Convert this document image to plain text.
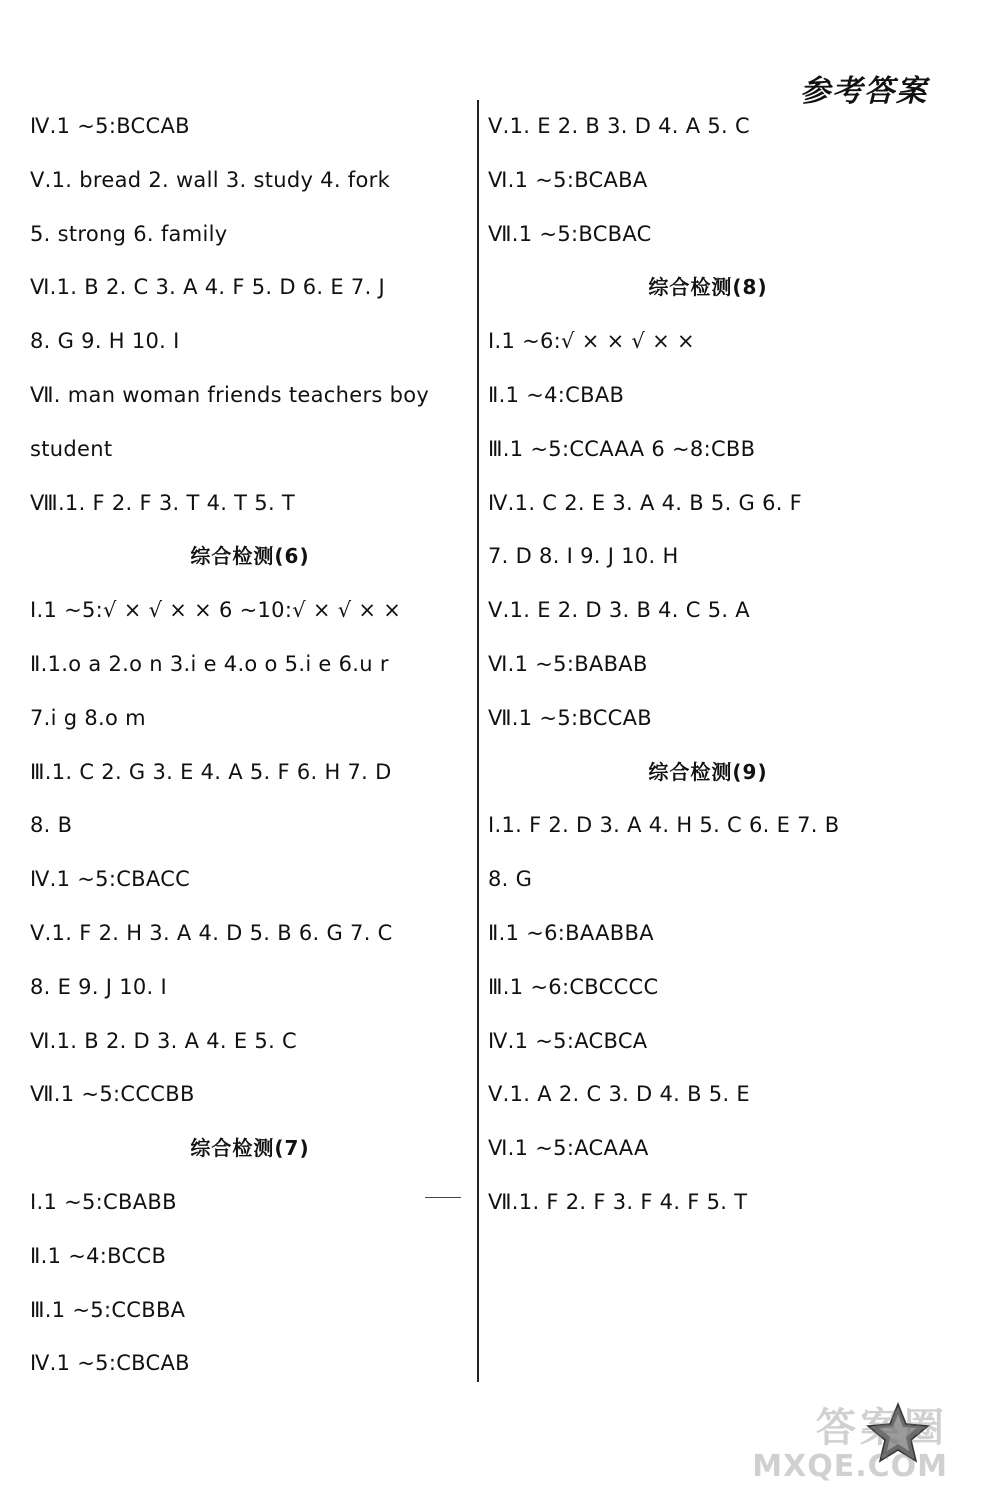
参考答案
Ⅳ.1 ~5:BCCAB
Ⅴ.1. bread 2. wall 3. study 4. fork
5. strong 6. family
Ⅵ.1. B 2. C 3. A 4. F 5. D 6. E 7. J
8. G 9. H 10. I
Ⅶ. man woman friends teachers boy
student
Ⅷ.1. F 2. F 3. T 4. T 5. T
综合检测(6)
Ⅰ.1 ~5:√ × √ × × 6 ~10:√ × √ × ×
Ⅱ.1.o a 2.o n 3.i e 4.o o 5.i e 6.u r
7.i g 8.o m
Ⅲ.1. C 2. G 3. E 4. A 5. F 6. H 7. D
8. B
Ⅳ.1 ~5:CBACC
Ⅴ.1. F 2. H 3. A 4. D 5. B 6. G 7. C
8. E 9. J 10. I
Ⅵ.1. B 2. D 3. A 4. E 5. C
Ⅶ.1 ~5:CCCBB
综合检测(7)
Ⅰ.1 ~5:CBABB
Ⅱ.1 ~4:BCCB
Ⅲ.1 ~5:CCBBA
Ⅳ.1 ~5:CBCAB
Ⅴ.1. E 2. B 3. D 4. A 5. C
Ⅵ.1 ~5:BCABA
Ⅶ.1 ~5:BCBAC
综合检测(8)
Ⅰ.1 ~6:√ × × √ × ×
Ⅱ.1 ~4:CBAB
Ⅲ.1 ~5:CCAAA 6 ~8:CBB
Ⅳ.1. C 2. E 3. A 4. B 5. G 6. F
7. D 8. I 9. J 10. H
Ⅴ.1. E 2. D 3. B 4. C 5. A
Ⅵ.1 ~5:BABAB
Ⅶ.1 ~5:BCCAB
综合检测(9)
Ⅰ.1. F 2. D 3. A 4. H 5. C 6. E 7. B
8. G
Ⅱ.1 ~6:BAABBA
Ⅲ.1 ~6:CBCCCC
Ⅳ.1 ~5:ACBCA
Ⅴ.1. A 2. C 3. D 4. B 5. E
Ⅵ.1 ~5:ACAAA
Ⅶ.1. F 2. F 3. F 4. F 5. T
答案圈
MXQE.COM
